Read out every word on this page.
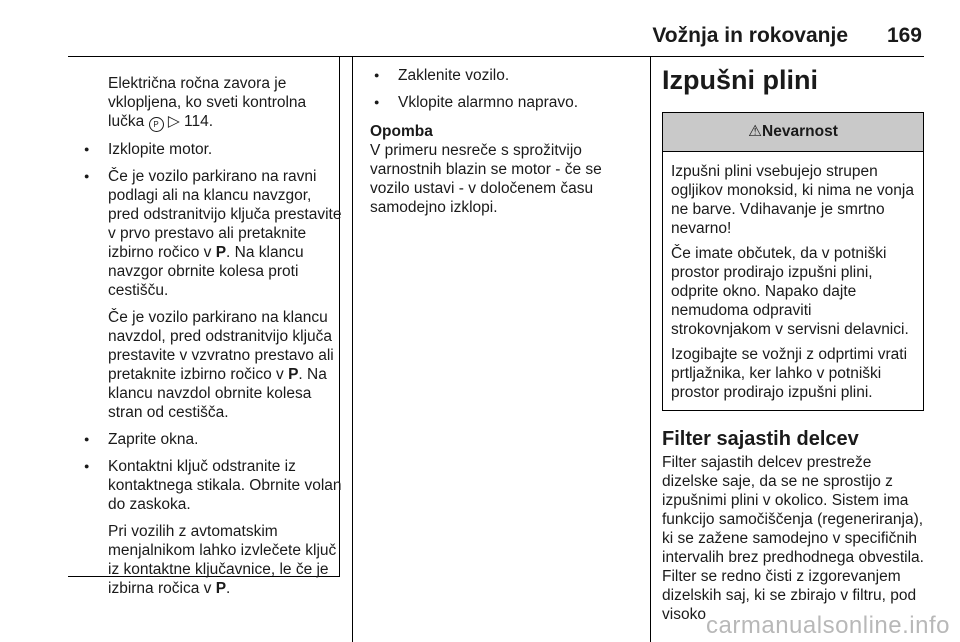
Vožnja in rokovanje 169

Električna ročna zavora je
vklopljena, ko sveti kontrolna
lučka P ▷ 114.

● Izklopite motor.
● Če je vozilo parkirano na ravni podlagi ali na klancu navzgor, pred odstranitvijo ključa prestavite v prvo prestavo ali pretaknite izbirno ročico v P. Na klancu navzgor obrnite kolesa proti cestišču.

Če je vozilo parkirano na klancu navzdol, pred odstranitvijo ključa prestavite v vzvratno prestavo ali pretaknite izbirno ročico v P. Na klancu navzdol obrnite kolesa stran od cestišča.

● Zaprite okna.
● Kontaktni ključ odstranite iz kontaktnega stikala. Obrnite volan do zaskoka.

Pri vozilih z avtomatskim menjalnikom lahko izvlečete ključ iz kontaktne ključavnice, le če je izbirna ročica v P.

● Zaklenite vozilo.
● Vklopite alarmno napravo.

Opomba

V primeru nesreče s sprožitvijo varnostnih blazin se motor - če se vozilo ustavi - v določenem času samodejno izklopi.

Izpušni plini
⚠Nevarnost

Izpušni plini vsebujejo strupen ogljikov monoksid, ki nima ne vonja ne barve. Vdihavanje je smrtno nevarno!

Če imate občutek, da v potniški prostor prodirajo izpušni plini, odprite okno. Napako dajte nemudoma odpraviti strokovnjakom v servisni delavnici.

Izogibajte se vožnji z odprtimi vrati prtljažnika, ker lahko v potniški prostor prodirajo izpušni plini.

Filter sajastih delcev

Filter sajastih delcev prestreže dizelske saje, da se ne sprostijo z izpušnimi plini v okolico. Sistem ima funkcijo samočiščenja (regeneriranja), ki se zažene samodejno v specifičnih intervalih brez predhodnega obvestila. Filter se redno čisti z izgorevanjem dizelskih saj, ki se zbirajo v filtru, pod visoko carmanualsonline.info
